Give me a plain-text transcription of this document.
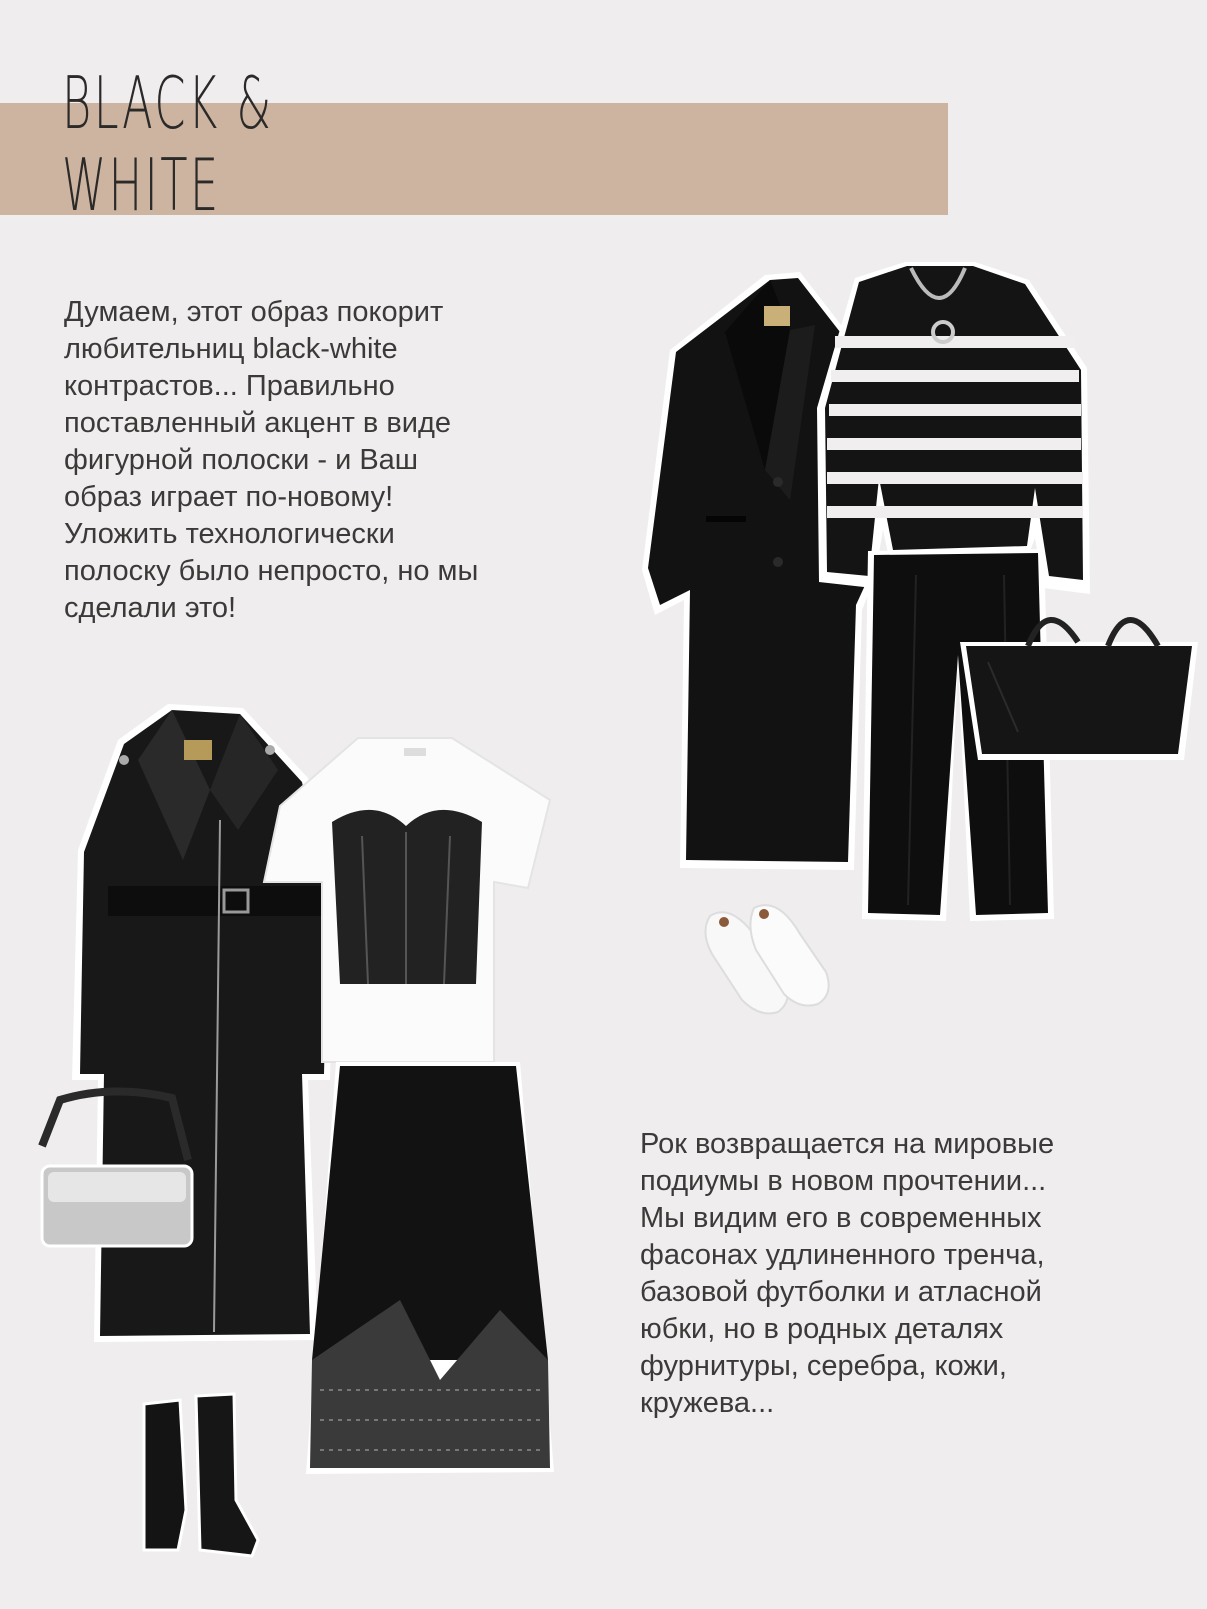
BLACK &
WHITE
Думаем, этот образ покорит
любительниц black-white
контрастов... Правильно
поставленный акцент в виде
фигурной полоски - и Ваш
образ играет по-новому!
Уложить технологически
полоску было непросто, но мы
сделали это!
Рок возвращается на мировые
подиумы в новом прочтении...
Мы видим его в современных
фасонах удлиненного тренча,
базовой футболки и атласной
юбки, но в родных деталях
фурнитуры, серебра, кожи,
кружева...
